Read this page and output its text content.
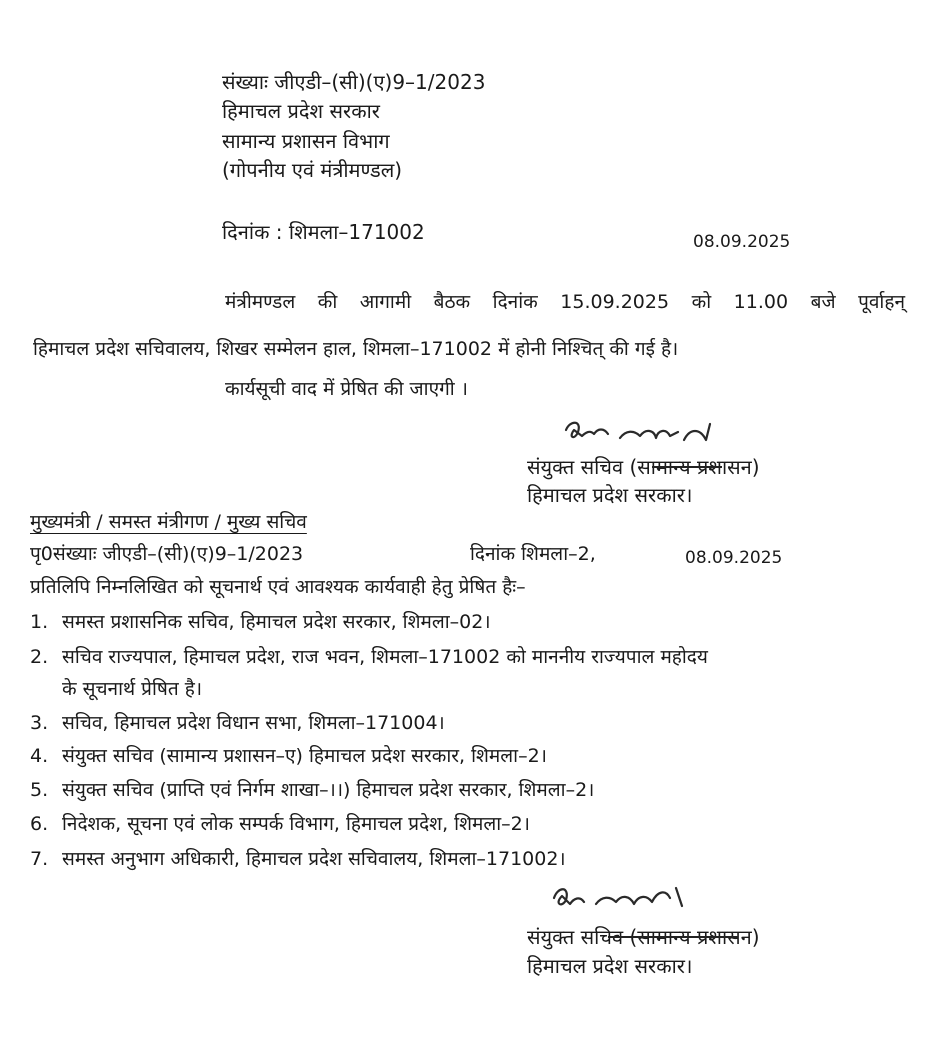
संख्याः जीएडी–(सी)(ए)9–1/2023

हिमाचल प्रदेश सरकार

सामान्य प्रशासन विभाग

(गोपनीय एवं मंत्रीमण्डल)

दिनांक : शिमला–171002	08.09.2025

मंत्रीमण्डल की आगामी बैठक दिनांक 15.09.2025 को 11.00 बजे पूर्वाहन्

हिमाचल प्रदेश सचिवालय, शिखर सम्मेलन हाल, शिमला–171002 में होनी निश्चित् की गई है।

कार्यसूची वाद में प्रेषित की जाएगी ।

संयुक्त सचिव (सामान्य प्रशासन)

हिमाचल प्रदेश सरकार।

मुख्यमंत्री / समस्त मंत्रीगण / मुख्य सचिव

पृ0संख्याः जीएडी–(सी)(ए)9–1/2023	दिनांक शिमला–2,	08.09.2025

प्रतिलिपि निम्नलिखित को सूचनार्थ एवं आवश्यक कार्यवाही हेतु प्रेषित हैः–

1. समस्त प्रशासनिक सचिव, हिमाचल प्रदेश सरकार, शिमला–02।

2. सचिव राज्यपाल, हिमाचल प्रदेश, राज भवन, शिमला–171002 को माननीय राज्यपाल महोदय

के सूचनार्थ प्रेषित है।

3. सचिव, हिमाचल प्रदेश विधान सभा, शिमला–171004।

4. संयुक्त सचिव (सामान्य प्रशासन–ए) हिमाचल प्रदेश सरकार, शिमला–2।

5. संयुक्त सचिव (प्राप्ति एवं निर्गम शाखा–।।) हिमाचल प्रदेश सरकार, शिमला–2।

6. निदेशक, सूचना एवं लोक सम्पर्क विभाग, हिमाचल प्रदेश, शिमला–2।

7. समस्त अनुभाग अधिकारी, हिमाचल प्रदेश सचिवालय, शिमला–171002।

संयुक्त सचिव (सामान्य प्रशासन)

हिमाचल प्रदेश सरकार।
